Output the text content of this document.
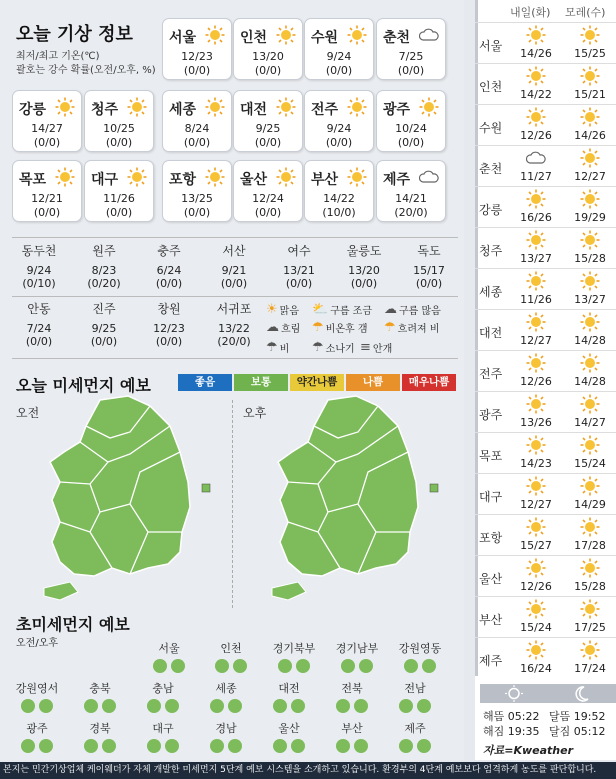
오늘 기상 정보
최저/최고 기온(℃)
괄호는 강수 확률(오전/오후, %)
서울
12/23
(0/0)
인천
13/20
(0/0)
수원
9/24
(0/0)
춘천
7/25
(0/0)
강릉
14/27
(0/0)
청주
10/25
(0/0)
세종
8/24
(0/0)
대전
9/25
(0/0)
전주
9/24
(0/0)
광주
10/24
(0/0)
목포
12/21
(0/0)
대구
11/26
(0/0)
포항
13/25
(0/0)
울산
12/24
(0/0)
부산
14/22
(10/0)
제주
14/21
(20/0)
동두천
9/24
(0/10)
원주
8/23
(0/20)
충주
6/24
(0/0)
서산
9/21
(0/0)
여수
13/21
(0/0)
울릉도
13/20
(0/0)
독도
15/17
(0/0)
안동
7/24
(0/0)
진주
9/25
(0/0)
창원
12/23
(0/0)
서귀포
13/22
(20/0)
☀ 맑음 ⛅ 구름 조금 ☁ 구름 많음
☁ 흐림 ☂ 비온후 갬 ☂ 흐려져 비
☂ 비 ☂ 소나기 ≡ 안개
오늘 미세먼지 예보	좋음	보통	약간나쁨	나쁨	매우나쁨
오전	오후
초미세먼지 예보
오전/오후	서울	인천	경기북부	경기남부	강원영동
강원영서	충북	충남	세종	대전	전북	전남
광주	경북	대구	경남	울산	부산	제주
내일(화) 모레(수)
서울
14/26	15/25
인천
14/22	15/21
수원
12/26	14/26
춘천
11/27	12/27
강릉
16/26	19/29
청주
13/27	15/28
세종
11/26	13/27
대전
12/27	14/28
전주
12/26	14/28
광주
13/26	14/27
목포
14/23	15/24
대구
12/27	14/29
포항
15/27	17/28
울산
12/26	15/28
부산
15/24	17/25
제주
16/24	17/24
해뜸 05:22
해짐 19:35
달뜸 19:52
달짐 05:12
자료=Kweather
본지는 민간기상업체 케이웨더가 자체 개발한 미세먼지 5단계 예보 시스템을 소개하고 있습니다. 환경부의 4단계 예보보다 엄격하게 농도를 판단합니다.
